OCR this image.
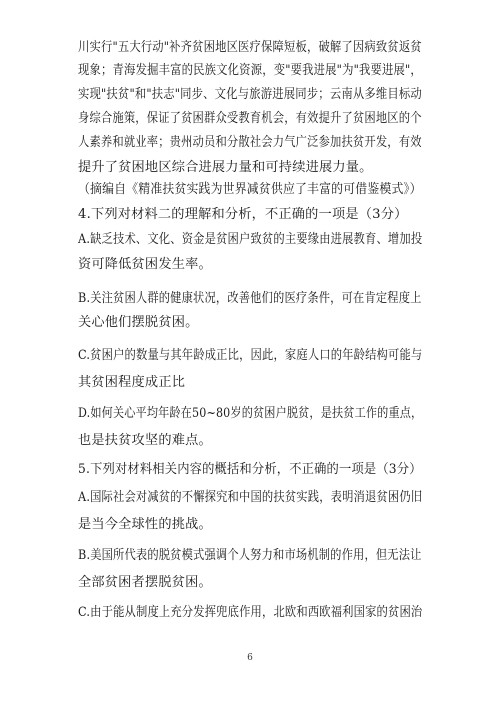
川实行"五大行动"补齐贫困地区医疗保障短板，破解了因病致贫返贫
现象；青海发掘丰富的民族文化资源，变"要我进展"为"我要进展"，
实现"扶贫"和"扶志"同步、文化与旅游进展同步；云南从多维目标动
身综合施策，保证了贫困群众受教育机会，有效提升了贫困地区的个
人素养和就业率；贵州动员和分散社会力气广泛参加扶贫开发，有效
提升了贫困地区综合进展力量和可持续进展力量。
（摘编自《精准扶贫实践为世界减贫供应了丰富的可借鉴模式》）
4.下列对材料二的理解和分析，不正确的一项是（3分）
A.缺乏技术、文化、资金是贫困户致贫的主要缘由进展教育、增加投
资可降低贫困发生率。
B.关注贫困人群的健康状况，改善他们的医疗条件，可在肯定程度上
关心他们摆脱贫困。
C.贫困户的数量与其年龄成正比，因此，家庭人口的年龄结构可能与
其贫困程度成正比
D.如何关心平均年龄在50~80岁的贫困户脱贫，是扶贫工作的重点，
也是扶贫攻坚的难点。
5.下列对材料相关内容的概括和分析，不正确的一项是（3分）
A.国际社会对减贫的不懈探究和中国的扶贫实践，表明消退贫困仍旧
是当今全球性的挑战。
B.美国所代表的脱贫模式强调个人努力和市场机制的作用，但无法让
全部贫困者摆脱贫困。
C.由于能从制度上充分发挥兜底作用，北欧和西欧福利国家的贫困治
6
